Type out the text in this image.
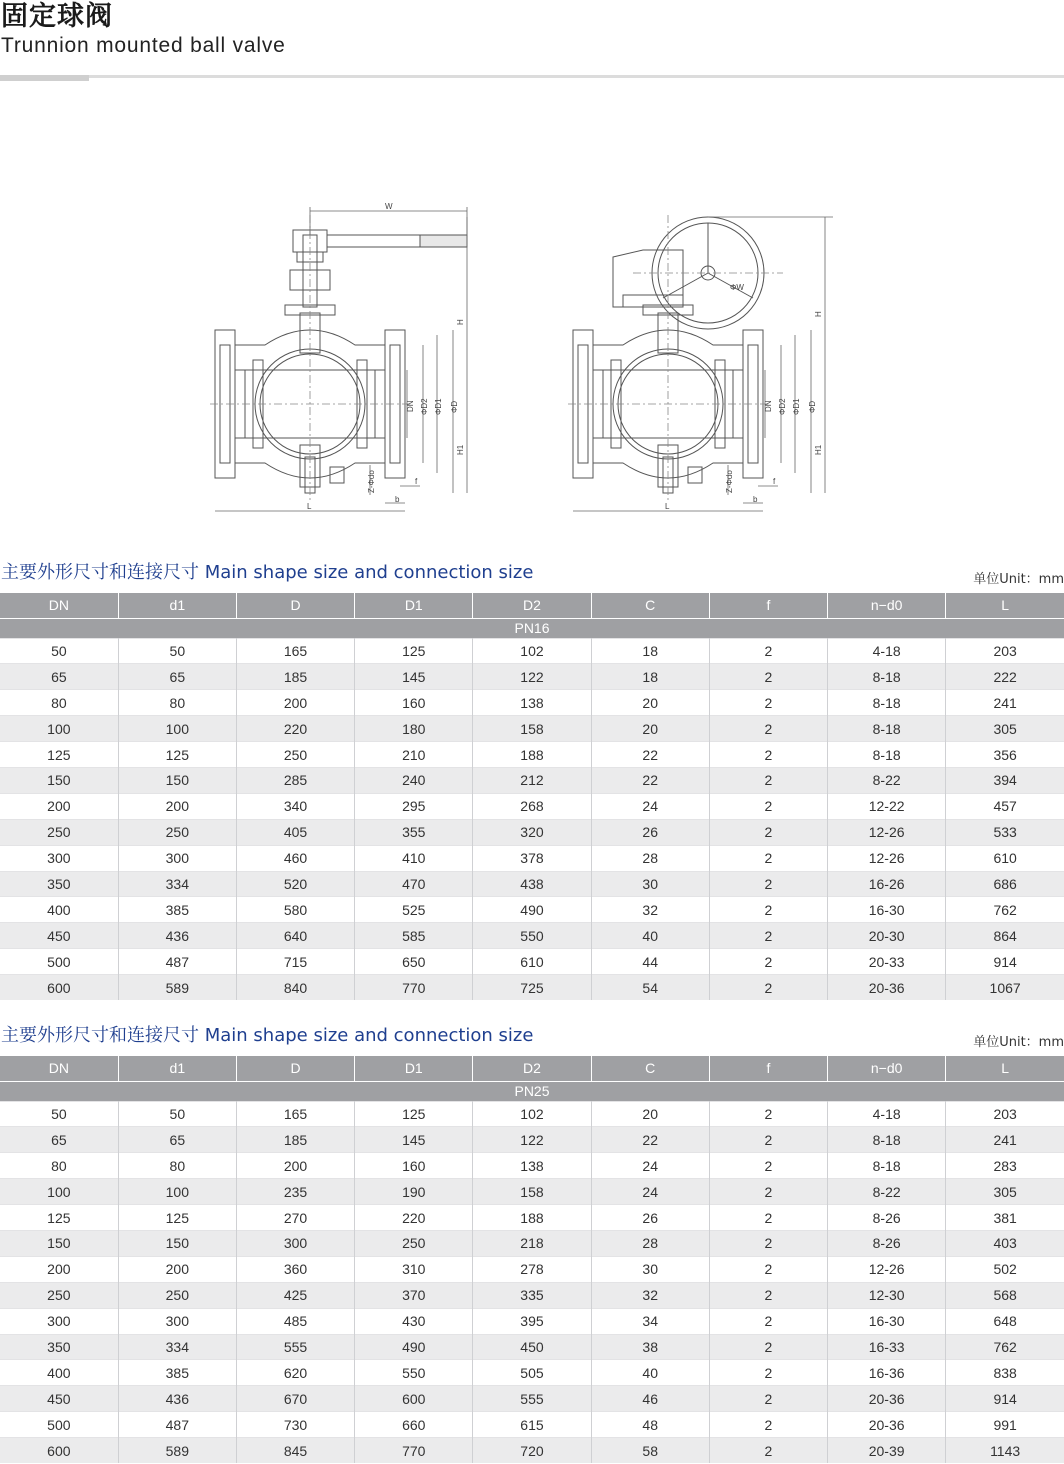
固定球阀
Trunnion mounted ball valve
W
H
H1
DN ΦD2 ΦD1 ΦD
Z-Φdo	f
b
L
ΦW
H
H1
DN ΦD2 ΦD1 ΦD
Z-Φdo	f
b
L
主要外形尺寸和连接尺寸 Main shape size and connection size	单位Unit：mm
DN	d1	D	D1	D2	C	f	n−d0	L
PN16								
50	50	165	125	102	18	2	4-18	203
65	65	185	145	122	18	2	8-18	222
80	80	200	160	138	20	2	8-18	241
100	100	220	180	158	20	2	8-18	305
125	125	250	210	188	22	2	8-18	356
150	150	285	240	212	22	2	8-22	394
200	200	340	295	268	24	2	12-22	457
250	250	405	355	320	26	2	12-26	533
300	300	460	410	378	28	2	12-26	610
350	334	520	470	438	30	2	16-26	686
400	385	580	525	490	32	2	16-30	762
450	436	640	585	550	40	2	20-30	864
500	487	715	650	610	44	2	20-33	914
600	589	840	770	725	54	2	20-36	1067
主要外形尺寸和连接尺寸 Main shape size and connection size	单位Unit：mm
DN	d1	D	D1	D2	C	f	n−d0	L
PN25								
50	50	165	125	102	20	2	4-18	203
65	65	185	145	122	22	2	8-18	241
80	80	200	160	138	24	2	8-18	283
100	100	235	190	158	24	2	8-22	305
125	125	270	220	188	26	2	8-26	381
150	150	300	250	218	28	2	8-26	403
200	200	360	310	278	30	2	12-26	502
250	250	425	370	335	32	2	12-30	568
300	300	485	430	395	34	2	16-30	648
350	334	555	490	450	38	2	16-33	762
400	385	620	550	505	40	2	16-36	838
450	436	670	600	555	46	2	20-36	914
500	487	730	660	615	48	2	20-36	991
600	589	845	770	720	58	2	20-39	1143
